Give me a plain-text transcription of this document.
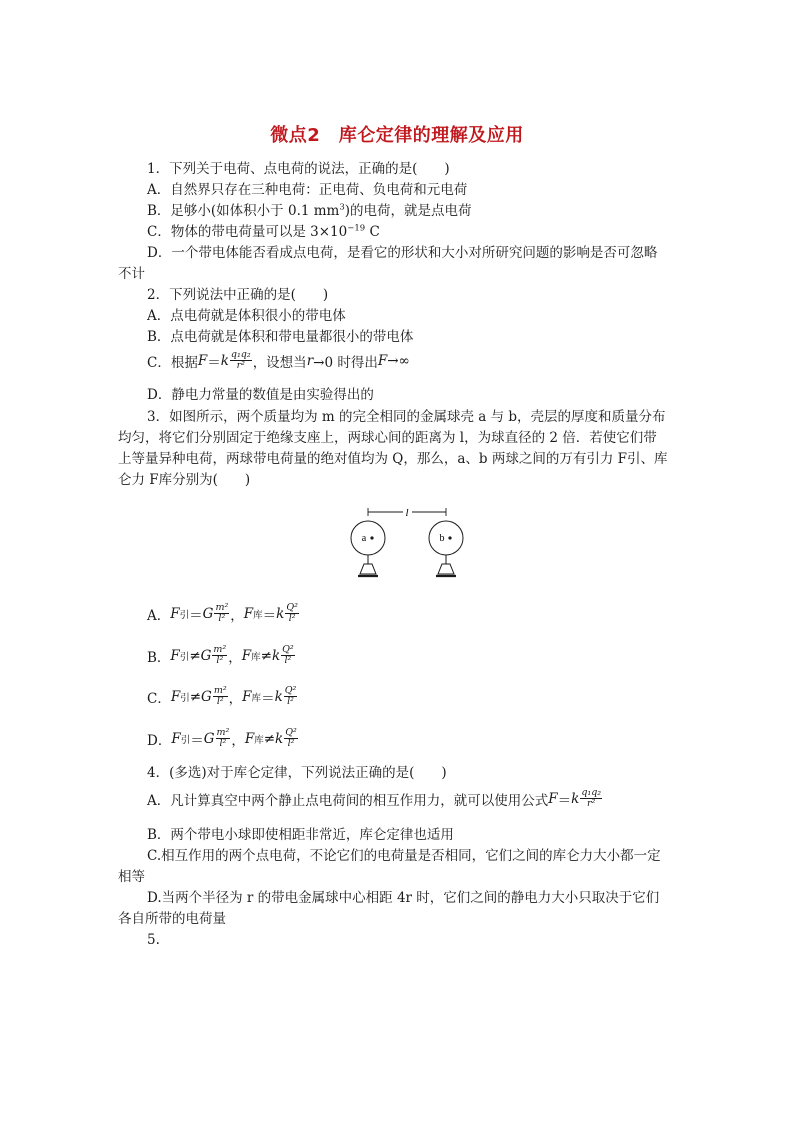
微点2　库仑定律的理解及应用
1．下列关于电荷、点电荷的说法，正确的是(　　)
A．自然界只存在三种电荷：正电荷、负电荷和元电荷
B．足够小(如体积小于 0.1 $mm^3$)的电荷，就是点电荷
C．物体的带电荷量可以是 $3\times 10^{-19}$ C
D．一个带电体能否看成点电荷，是看它的形状和大小对所研究问题的影响是否可忽略
不计
2．下列说法中正确的是(　　)
A．点电荷就是体积很小的带电体
B．点电荷就是体积和带电量都很小的带电体
C．根据 F ＝ k $\frac{\text{q₁q₂}}{\text{r²}}$ ，设想当 r →0 时得出 F →∞
D．静电力常量的数值是由实验得出的
3．如图所示，两个质量均为 m 的完全相同的金属球壳 a 与 b，壳层的厚度和质量分布
均匀，将它们分别固定于绝缘支座上，两球心间的距离为 l，为球直径的 2 倍．若使它们带
上等量异种电荷，两球带电荷量的绝对值均为 Q，那么，a、b 两球之间的万有引力 F引、库
仑力 F库分别为(　　)
l
a	b
A． F 引 ＝ G $\frac{\text{m²}}{\text{l²}}$ ， F 库 ＝ k $\frac{\text{Q²}}{\text{l²}}$
B． F 引 ≠ G $\frac{\text{m²}}{\text{l²}}$ ， F 库 ≠ k $\frac{\text{Q²}}{\text{l²}}$
C． F 引 ≠ G $\frac{\text{m²}}{\text{l²}}$ ， F 库 ＝ k $\frac{\text{Q²}}{\text{l²}}$
D． F 引 ＝ G $\frac{\text{m²}}{\text{l²}}$ ， F 库 ≠ k $\frac{\text{Q²}}{\text{l²}}$
4．(多选)对于库仑定律，下列说法正确的是(　　)
A．凡计算真空中两个静止点电荷间的相互作用力，就可以使用公式 F ＝ k $\frac{\text{q₁q₂}}{\text{r²}}$
B．两个带电小球即使相距非常近，库仑定律也适用
C.相互作用的两个点电荷，不论它们的电荷量是否相同，它们之间的库仑力大小都一定
相等
D.当两个半径为 r 的带电金属球中心相距 4r 时，它们之间的静电力大小只取决于它们
各自所带的电荷量
5.
